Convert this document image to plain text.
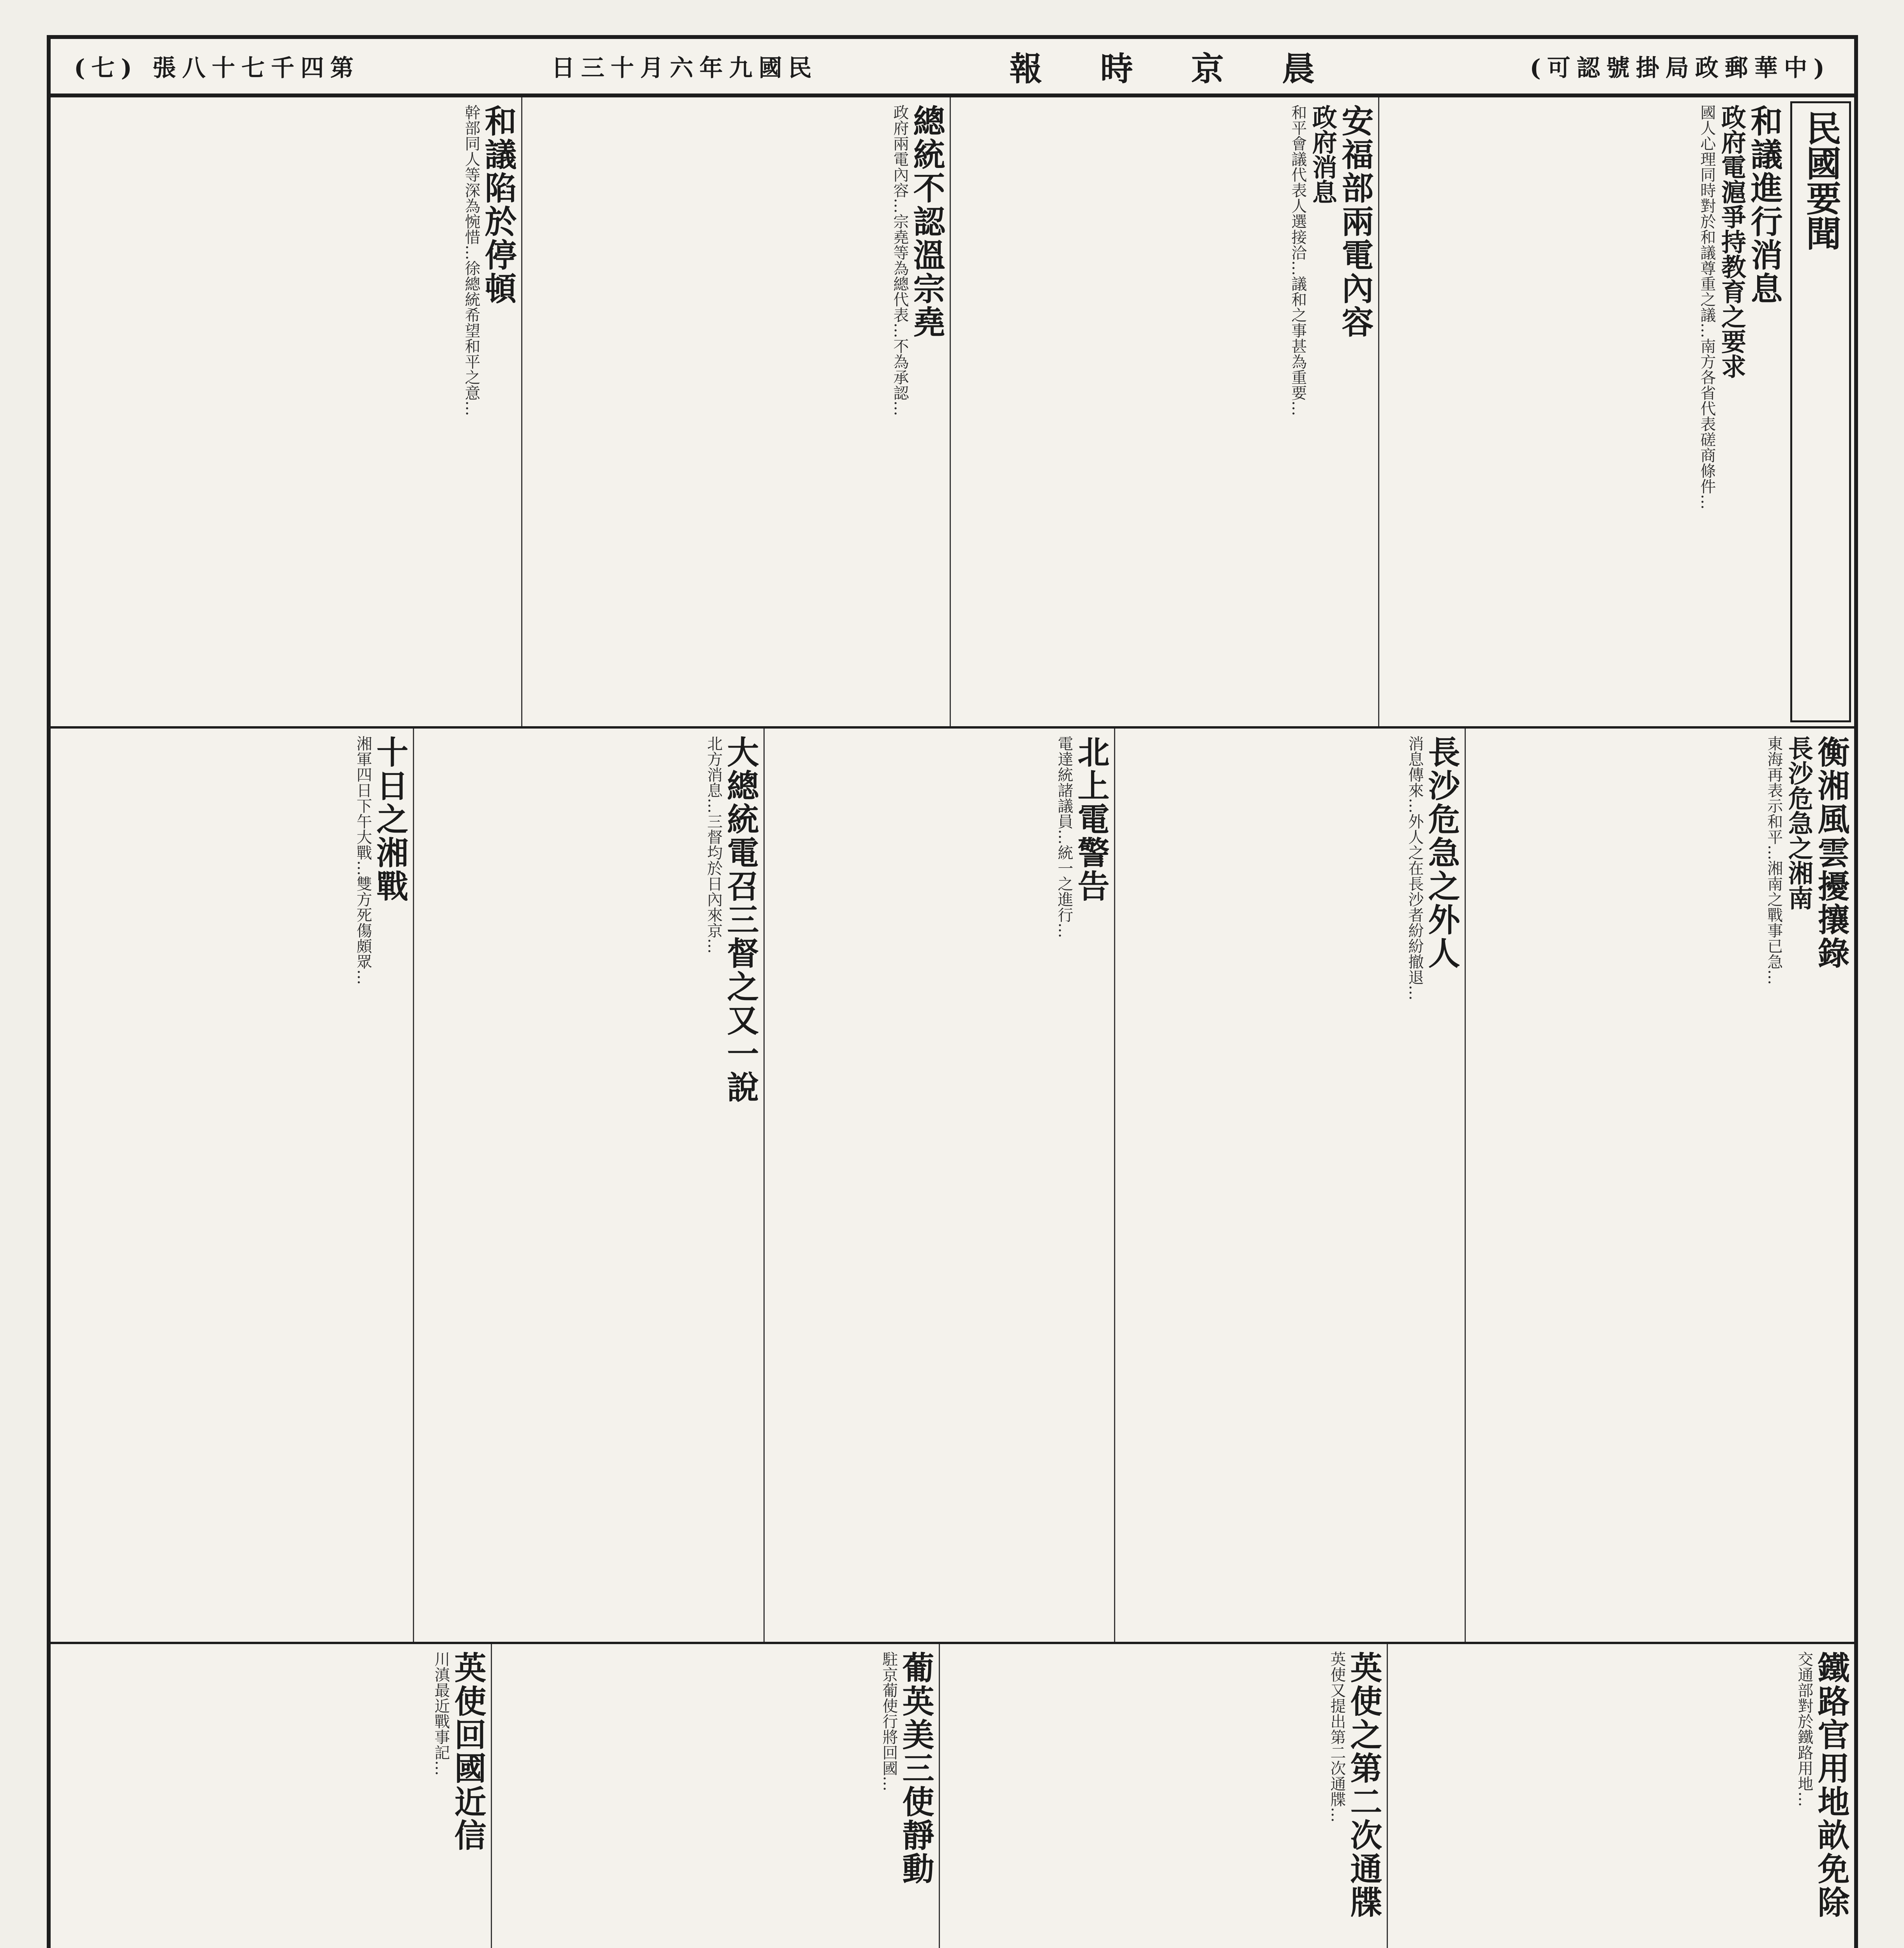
(七) 張八十七千四第	日三十月六年九國民	報 時 京 晨	(可認號掛局政郵華中)
民國要聞
和議進行消息
政府電滬爭持教育之要求
國人心理同時對於和議尊重之議…南方各省代表磋商條件…
安福部兩電內容
政府消息
和平會議代表人選接洽…議和之事甚為重要…
總統不認溫宗堯
政府兩電內容…宗堯等為總代表…不為承認…
和議陷於停頓
幹部同人等深為惋惜…徐總統希望和平之意…
衡湘風雲擾攘錄
長沙危急之湘南
東海再表示和平…湘南之戰事已急…
長沙危急之外人
消息傳來…外人之在長沙者紛紛撤退…
北上電警告
電達統諸議員…統一之進行…
大總統電召三督之又一說
北方消息…三督均於日內來京…
十日之湘戰
湘軍四日下午大戰…雙方死傷頗眾…
鐵路官用地畝免除
交通部對於鐵路用地…
英使之第二次通牒
英使又提出第二次通牒…
葡英美三使靜動
駐京葡使行將回國…
英使回國近信
川滇最近戰事記…
